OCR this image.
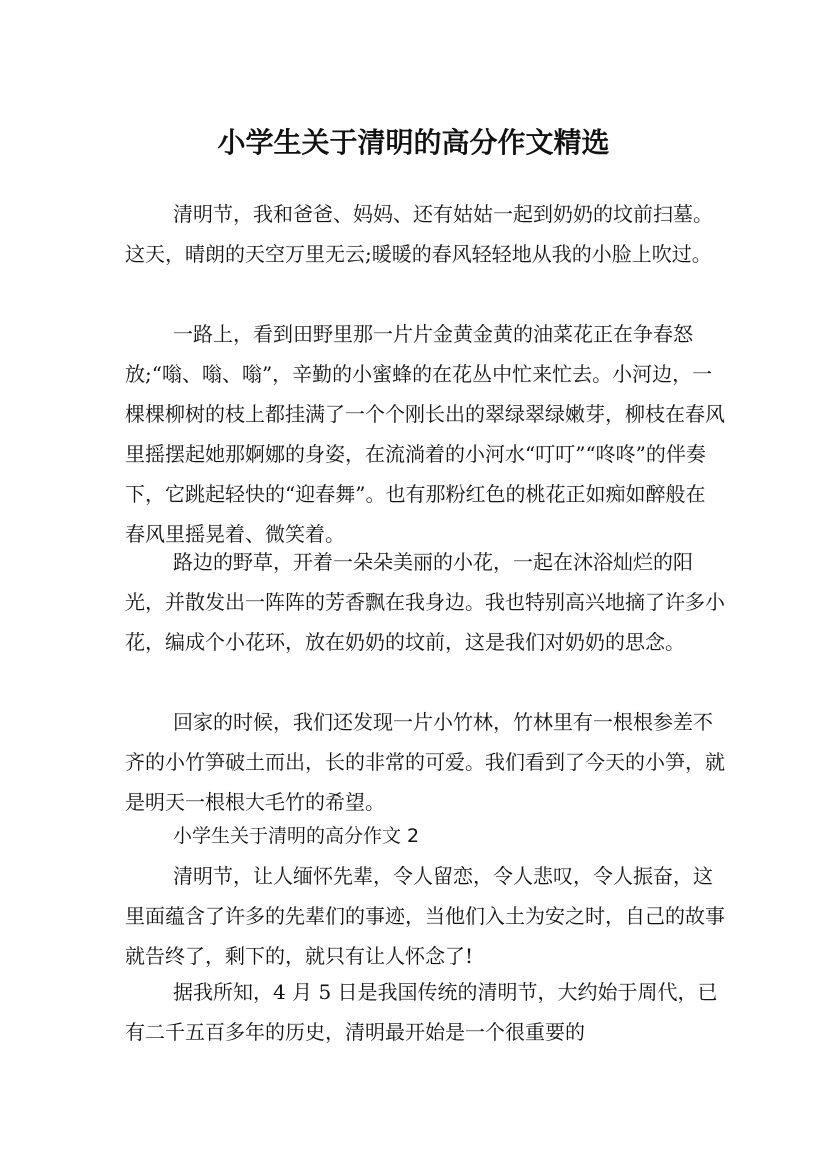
小学生关于清明的高分作文精选

清明节，我和爸爸、妈妈、还有姑姑一起到奶奶的坟前扫墓。这天，晴朗的天空万里无云;暖暖的春风轻轻地从我的小脸上吹过。

一路上，看到田野里那一片片金黄金黄的油菜花正在争春怒放;“嗡、嗡、嗡”，辛勤的小蜜蜂的在花丛中忙来忙去。小河边，一棵棵柳树的枝上都挂满了一个个刚长出的翠绿翠绿嫩芽，柳枝在春风里摇摆起她那婀娜的身姿，在流淌着的小河水“叮叮”“咚咚”的伴奏下，它跳起轻快的“迎春舞”。也有那粉红色的桃花正如痴如醉般在春风里摇晃着、微笑着。

路边的野草，开着一朵朵美丽的小花，一起在沐浴灿烂的阳光，并散发出一阵阵的芳香飘在我身边。我也特别高兴地摘了许多小花，编成个小花环，放在奶奶的坟前，这是我们对奶奶的思念。

回家的时候，我们还发现一片小竹林，竹林里有一根根参差不齐的小竹笋破土而出，长的非常的可爱。我们看到了今天的小笋，就是明天一根根大毛竹的希望。

小学生关于清明的高分作文 2

清明节，让人缅怀先辈，令人留恋，令人悲叹，令人振奋，这里面蕴含了许多的先辈们的事迹，当他们入土为安之时，自己的故事就告终了，剩下的，就只有让人怀念了!

据我所知，4 月 5 日是我国传统的清明节，大约始于周代，已有二千五百多年的历史，清明最开始是一个很重要的
